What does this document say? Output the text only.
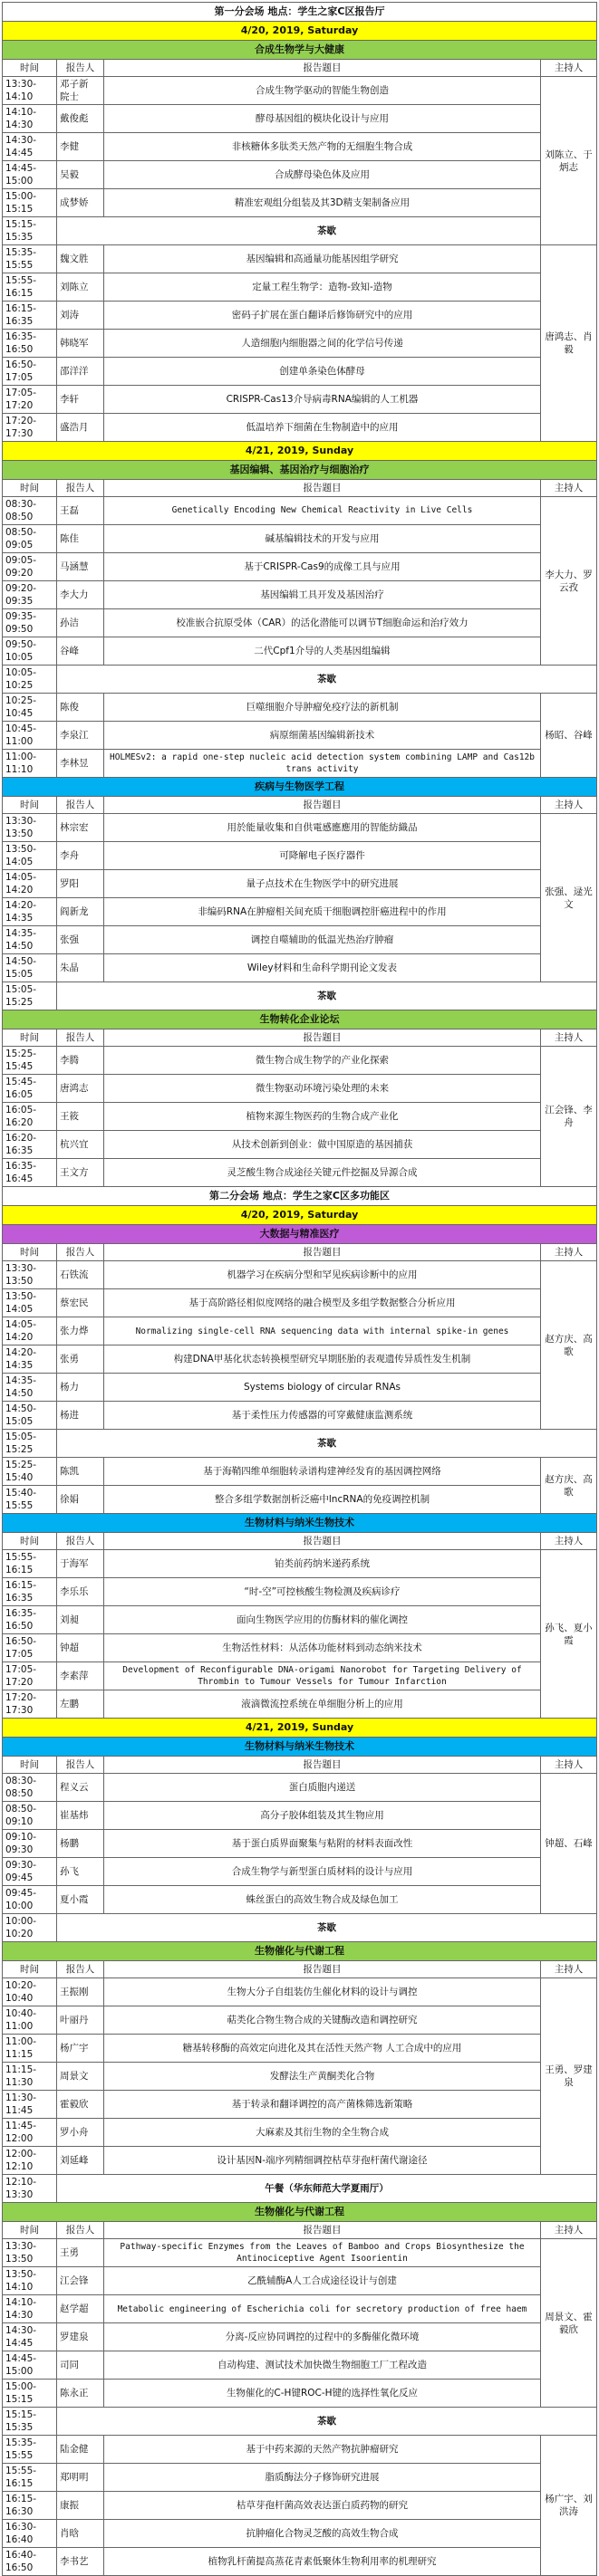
第一分会场 地点：学生之家C区报告厅			
4/20, 2019, Saturday			
合成生物学与大健康			
时间	报告人	报告题目	主持人
13:30-14:10	邓子新 院士	合成生物学驱动的智能生物创造	刘陈立、于炳志
14:10-14:30	戴俊彪	酵母基因组的模块化设计与应用	
14:30-14:45	李健	非核糖体多肽类天然产物的无细胞生物合成	
14:45-15:00	吴毅	合成酵母染色体及应用	
15:00-15:15	成梦娇	精准宏观组分组装及其3D精支架制备应用	
15:15-15:35	茶歇		
15:35-15:55	魏文胜	基因编辑和高通量功能基因组学研究	唐鸿志、肖毅
15:55-16:15	刘陈立	定量工程生物学：造物-致知-造物	
16:15-16:35	刘涛	密码子扩展在蛋白翻译后修饰研究中的应用	
16:35-16:50	韩晓军	人造细胞内细胞器之间的化学信号传递	
16:50-17:05	邵洋洋	创建单条染色体酵母	
17:05-17:20	李轩	CRISPR-Cas13介导病毒RNA编辑的人工机器	
17:20-17:30	盛浩月	低温培养下细菌在生物制造中的应用	
4/21, 2019, Sunday			
基因编辑、基因治疗与细胞治疗			
时间	报告人	报告题目	主持人
08:30-08:50	王磊	Genetically Encoding New Chemical Reactivity in Live Cells	李大力、罗云孜
08:50-09:05	陈佳	碱基编辑技术的开发与应用	
09:05-09:20	马涵慧	基于CRISPR-Cas9的成像工具与应用	
09:20-09:35	李大力	基因编辑工具开发及基因治疗	
09:35-09:50	孙洁	校准嵌合抗原受体（CAR）的活化潜能可以调节T细胞命运和治疗效力	
09:50-10:05	谷峰	二代Cpf1介导的人类基因组编辑	
10:05-10:25	茶歇		
10:25-10:45	陈俊	巨噬细胞介导肿瘤免疫疗法的新机制	杨昭、谷峰
10:45-11:00	李泉江	病原细菌基因编辑新技术	
11:00-11:10	李林昱	HOLMESv2: a rapid one-step nucleic acid detection system combining LAMP and Cas12b trans activity	
疾病与生物医学工程			
时间	报告人	报告题目	主持人
13:30-13:50	林宗宏	用於能量收集和自供電感應應用的智能紡織品	张强、逯光文
13:50-14:05	李舟	可降解电子医疗器件	
14:05-14:20	罗阳	量子点技术在生物医学中的研究进展	
14:20-14:35	阎新龙	非编码RNA在肿瘤相关间充质干细胞调控肝癌进程中的作用	
14:35-14:50	张强	调控自噬辅助的低温光热治疗肿瘤	
14:50-15:05	朱晶	Wiley材料和生命科学期刊论文发表	
15:05-15:25	茶歇		
生物转化企业论坛			
时间	报告人	报告题目	主持人
15:25-15:45	李腾	微生物合成生物学的产业化探索	江会锋、李舟
15:45-16:05	唐鸿志	微生物驱动环境污染处理的未来	
16:05-16:20	王筱	植物来源生物医药的生物合成产业化	
16:20-16:35	杭兴宜	从技术创新到创业：做中国原造的基因捕获	
16:35-16:45	王文方	灵芝酸生物合成途径关键元件挖掘及异源合成	
第二分会场 地点：学生之家C区多功能区			
4/20, 2019, Saturday			
大数据与精准医疗			
时间	报告人	报告题目	主持人
13:30-13:50	石铁流	机器学习在疾病分型和罕见疾病诊断中的应用	赵方庆、高歌
13:50-14:05	蔡宏民	基于高阶路径相似度网络的融合模型及多组学数据整合分析应用	
14:05-14:20	张力烨	Normalizing single-cell RNA sequencing data with internal spike-in genes	
14:20-14:35	张勇	构建DNA甲基化状态转换模型研究早期胚胎的表观遗传异质性发生机制	
14:35-14:50	杨力	Systems biology of circular RNAs	
14:50-15:05	杨进	基于柔性压力传感器的可穿戴健康监测系统	
15:05-15:25	茶歇		
15:25-15:40	陈凯	基于海鞘四维单细胞转录谱构建神经发育的基因调控网络	赵方庆、高歌
15:40-15:55	徐娟	整合多组学数据剖析泛癌中lncRNA的免疫调控机制	
生物材料与纳米生物技术			
时间	报告人	报告题目	主持人
15:55-16:15	于海军	铂类前药纳米递药系统	孙飞、夏小霞
16:15-16:35	李乐乐	“时-空”可控核酸生物检测及疾病诊疗	
16:35-16:50	刘昶	面向生物医学应用的仿酶材料的催化调控	
16:50-17:05	钟超	生物活性材料：从活体功能材料到动态纳米技术	
17:05-17:20	李素萍	Development of Reconfigurable DNA-origami Nanorobot for Targeting Delivery of Thrombin to Tumour Vessels for Tumour Infarction	
17:20-17:30	左鹏	液滴微流控系统在单细胞分析上的应用	
4/21, 2019, Sunday			
生物材料与纳米生物技术			
时间	报告人	报告题目	主持人
08:30-08:50	程义云	蛋白质胞内递送	钟超、石峰
08:50-09:10	崔基炜	高分子胶体组装及其生物应用	
09:10-09:30	杨鹏	基于蛋白质界面聚集与粘附的材料表面改性	
09:30-09:45	孙飞	合成生物学与新型蛋白质材料的设计与应用	
09:45-10:00	夏小霞	蛛丝蛋白的高效生物合成及绿色加工	
10:00-10:20	茶歇		
生物催化与代谢工程			
时间	报告人	报告题目	主持人
10:20-10:40	王振刚	生物大分子自组装仿生催化材料的设计与调控	王勇、罗建泉
10:40-11:00	叶丽丹	萜类化合物生物合成的关键酶改造和调控研究	
11:00-11:15	杨广宇	糖基转移酶的高效定向进化及其在活性天然产物 人工合成中的应用	
11:15-11:30	周景文	发酵法生产黄酮类化合物	
11:30-11:45	霍毅欣	基于转录和翻译调控的高产菌株筛选新策略	
11:45-12:00	罗小舟	大麻素及其衍生物的全生物合成	
12:00-12:10	刘延峰	设计基因N-端序列精细调控枯草芽孢杆菌代谢途径	
12:10-13:30	午餐（华东师范大学夏雨厅）		
生物催化与代谢工程			
时间	报告人	报告题目	主持人
13:30-13:50	王勇	Pathway-specific Enzymes from the Leaves of Bamboo and Crops Biosynthesize the Antinociceptive Agent Isoorientin	周景文、霍毅欣
13:50-14:10	江会锋	乙酰辅酶A人工合成途径设计与创建	
14:10-14:30	赵学超	Metabolic engineering of Escherichia coli for secretory production of free haem	
14:30-14:45	罗建泉	分离-反应协同调控的过程中的多酶催化微环境	
14:45-15:00	司同	自动构建、测试技术加快微生物细胞工厂工程改造	
15:00-15:15	陈永正	生物催化的C-H键ROC-H键的选择性氧化反应	
15:15-15:35	茶歇		
15:35-15:55	陆金健	基于中药来源的天然产物抗肿瘤研究	杨广宇、刘洪涛
15:55-16:15	郑明明	脂质酶法分子修饰研究进展	
16:15-16:30	康振	枯草芽孢杆菌高效表达蛋白质药物的研究	
16:30-16:40	肖晗	抗肿瘤化合物灵芝酸的高效生物合成	
16:40-16:50	李书艺	植物乳杆菌提高蒸花青素低聚体生物利用率的机理研究	
